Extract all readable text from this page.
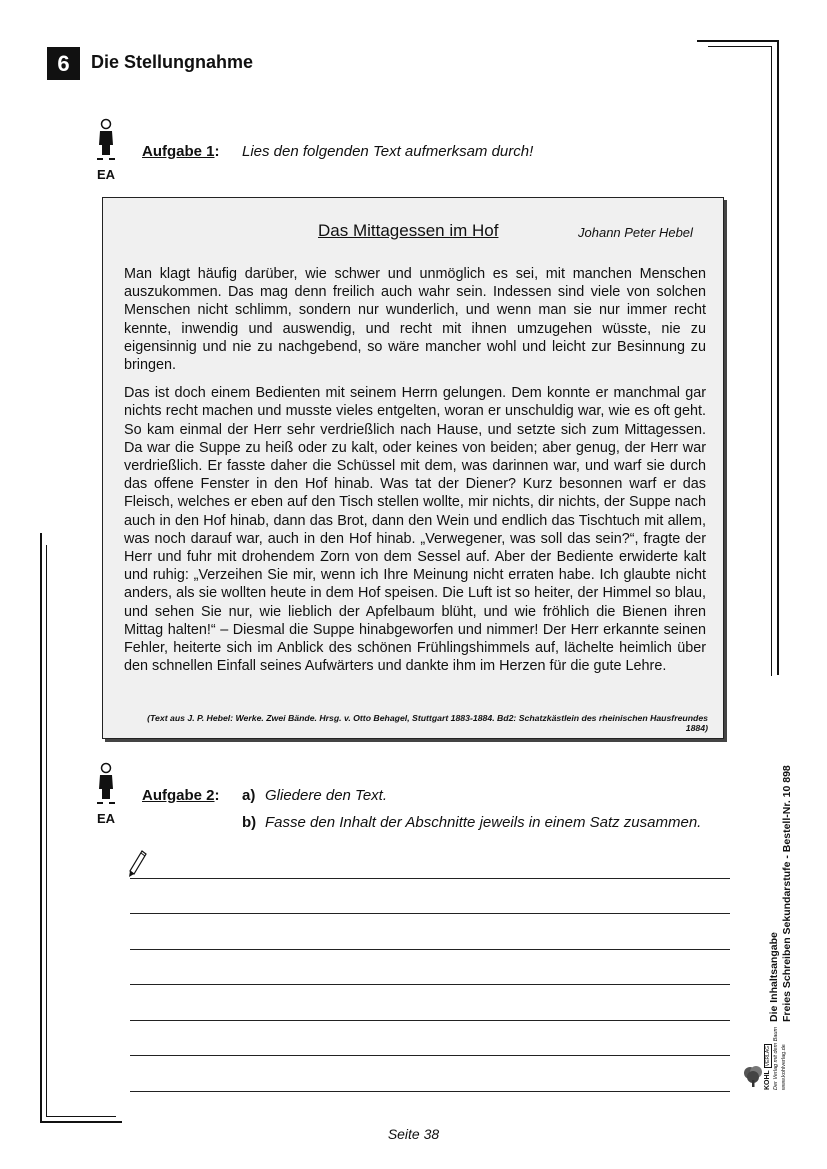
6	Die Stellungnahme
EA
Aufgabe 1: Lies den folgenden Text aufmerksam durch!
Das Mittagessen im Hof	Johann Peter Hebel

Man klagt häufig darüber, wie schwer und unmöglich es sei, mit manchen Menschen auszukommen. Das mag denn freilich auch wahr sein. Indessen sind viele von solchen Menschen nicht schlimm, sondern nur wunderlich, und wenn man sie nur immer recht kennte, inwendig und auswendig, und recht mit ihnen umzugehen wüsste, nie zu eigensinnig und nie zu nachgebend, so wäre mancher wohl und leicht zur Besinnung zu bringen.

Das ist doch einem Bedienten mit seinem Herrn gelungen. Dem konnte er manchmal gar nichts recht machen und musste vieles entgelten, woran er unschuldig war, wie es oft geht. So kam einmal der Herr sehr verdrießlich nach Hause, und setzte sich zum Mittagessen. Da war die Suppe zu heiß oder zu kalt, oder keines von beiden; aber genug, der Herr war verdrießlich. Er fasste daher die Schüssel mit dem, was darinnen war, und warf sie durch das offene Fenster in den Hof hinab. Was tat der Diener? Kurz besonnen warf er das Fleisch, welches er eben auf den Tisch stellen wollte, mir nichts, dir nichts, der Suppe nach auch in den Hof hinab, dann das Brot, dann den Wein und endlich das Tischtuch mit allem, was noch darauf war, auch in den Hof hinab. „Verwegener, was soll das sein?“, fragte der Herr und fuhr mit drohendem Zorn von dem Sessel auf. Aber der Bediente erwiderte kalt und ruhig: „Verzeihen Sie mir, wenn ich Ihre Meinung nicht erraten habe. Ich glaubte nicht anders, als sie wollten heute in dem Hof speisen. Die Luft ist so heiter, der Himmel so blau, und sehen Sie nur, wie lieblich der Apfelbaum blüht, und wie fröhlich die Bienen ihren Mittag halten!“ – Diesmal die Suppe hinabgeworfen und nimmer! Der Herr erkannte seinen Fehler, heiterte sich im Anblick des schönen Frühlingshimmels auf, lächelte heimlich über den schnellen Einfall seines Aufwärters und dankte ihm im Herzen für die gute Lehre.

(Text aus J. P. Hebel: Werke. Zwei Bände. Hrsg. v. Otto Behagel, Stuttgart 1883-1884. Bd2: Schatzkästlein des rheinischen Hausfreundes 1884)
EA
Aufgabe 2: a) Gliedere den Text.
b) Fasse den Inhalt der Abschnitte jeweils in einem Satz zusammen.
Die Inhaltsangabe Freies Schreiben Sekundarstufe - Bestell-Nr. 10 898
KOHL VERLAG Der Verlag mit dem Baum www.kohlverlag.de
Seite 38
